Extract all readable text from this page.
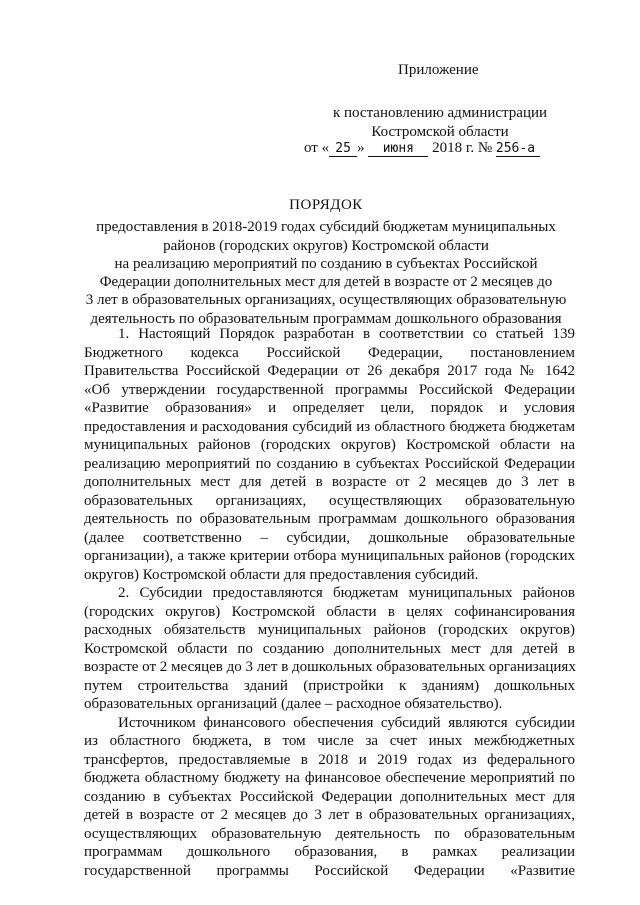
Приложение
к постановлению администрации
Костромской области
от « 25 » июня 2018 г. № 256-а
ПОРЯДОК
предоставления в 2018-2019 годах субсидий бюджетам муниципальных
районов (городских округов) Костромской области
на реализацию мероприятий по созданию в субъектах Российской
Федерации дополнительных мест для детей в возрасте от 2 месяцев до
3 лет в образовательных организациях, осуществляющих образовательную
деятельность по образовательным программам дошкольного образования
1. Настоящий Порядок разработан в соответствии со статьей 139
Бюджетного кодекса Российской Федерации, постановлением
Правительства Российской Федерации от 26 декабря 2017 года № 1642
«Об утверждении государственной программы Российской Федерации
«Развитие образования» и определяет цели, порядок и условия
предоставления и расходования субсидий из областного бюджета бюджетам
муниципальных районов (городских округов) Костромской области на
реализацию мероприятий по созданию в субъектах Российской Федерации
дополнительных мест для детей в возрасте от 2 месяцев до 3 лет в
образовательных организациях, осуществляющих образовательную
деятельность по образовательным программам дошкольного образования
(далее соответственно – субсидии, дошкольные образовательные
организации), а также критерии отбора муниципальных районов (городских
округов) Костромской области для предоставления субсидий.
2. Субсидии предоставляются бюджетам муниципальных районов
(городских округов) Костромской области в целях софинансирования
расходных обязательств муниципальных районов (городских округов)
Костромской области по созданию дополнительных мест для детей в
возрасте от 2 месяцев до 3 лет в дошкольных образовательных организациях
путем строительства зданий (пристройки к зданиям) дошкольных
образовательных организаций (далее – расходное обязательство).
Источником финансового обеспечения субсидий являются субсидии
из областного бюджета, в том числе за счет иных межбюджетных
трансфертов, предоставляемые в 2018 и 2019 годах из федерального
бюджета областному бюджету на финансовое обеспечение мероприятий по
созданию в субъектах Российской Федерации дополнительных мест для
детей в возрасте от 2 месяцев до 3 лет в образовательных организациях,
осуществляющих образовательную деятельность по образовательным
программам дошкольного образования, в рамках реализации
государственной программы Российской Федерации «Развитие
